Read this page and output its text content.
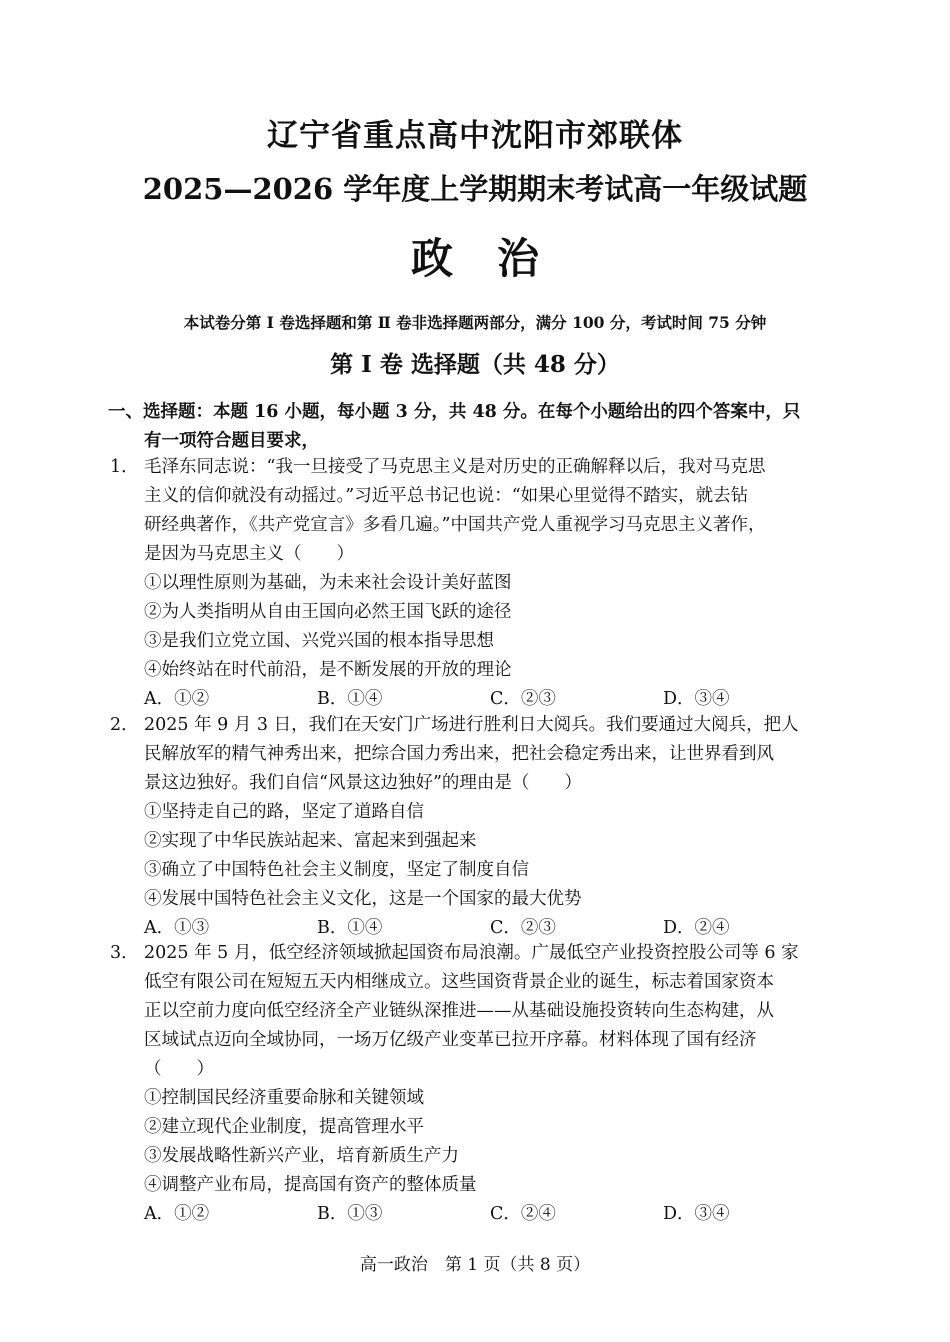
辽宁省重点高中沈阳市郊联体
2025—2026 学年度上学期期末考试高一年级试题
政 治
本试卷分第 I 卷选择题和第 Ⅱ 卷非选择题两部分，满分 100 分，考试时间 75 分钟
第 I 卷 选择题（共 48 分）
一、选择题：本题 16 小题，每小题 3 分，共 48 分。在每个小题给出的四个答案中，只
有一项符合题目要求，
1． 毛泽东同志说：“我一旦接受了马克思主义是对历史的正确解释以后，我对马克思
主义的信仰就没有动摇过。”习近平总书记也说：“如果心里觉得不踏实，就去钻
研经典著作，《共产党宣言》多看几遍。”中国共产党人重视学习马克思主义著作，
是因为马克思主义（　　）
①以理性原则为基础，为未来社会设计美好蓝图
②为人类指明从自由王国向必然王国飞跃的途径
③是我们立党立国、兴党兴国的根本指导思想
④始终站在时代前沿，是不断发展的开放的理论
A．①②	B．①④	C．②③	D．③④
2． 2025 年 9 月 3 日，我们在天安门广场进行胜利日大阅兵。我们要通过大阅兵，把人
民解放军的精气神秀出来，把综合国力秀出来，把社会稳定秀出来，让世界看到风
景这边独好。我们自信“风景这边独好”的理由是（　　）
①坚持走自己的路，坚定了道路自信
②实现了中华民族站起来、富起来到强起来
③确立了中国特色社会主义制度，坚定了制度自信
④发展中国特色社会主义文化，这是一个国家的最大优势
A．①③	B．①④	C．②③	D．②④
3． 2025 年 5 月，低空经济领域掀起国资布局浪潮。广晟低空产业投资控股公司等 6 家
低空有限公司在短短五天内相继成立。这些国资背景企业的诞生，标志着国家资本
正以空前力度向低空经济全产业链纵深推进——从基础设施投资转向生态构建，从
区域试点迈向全域协同，一场万亿级产业变革已拉开序幕。材料体现了国有经济
（　　）
①控制国民经济重要命脉和关键领域
②建立现代企业制度，提高管理水平
③发展战略性新兴产业，培育新质生产力
④调整产业布局，提高国有资产的整体质量
A．①②	B．①③	C．②④	D．③④
高一政治　第 1 页（共 8 页）
